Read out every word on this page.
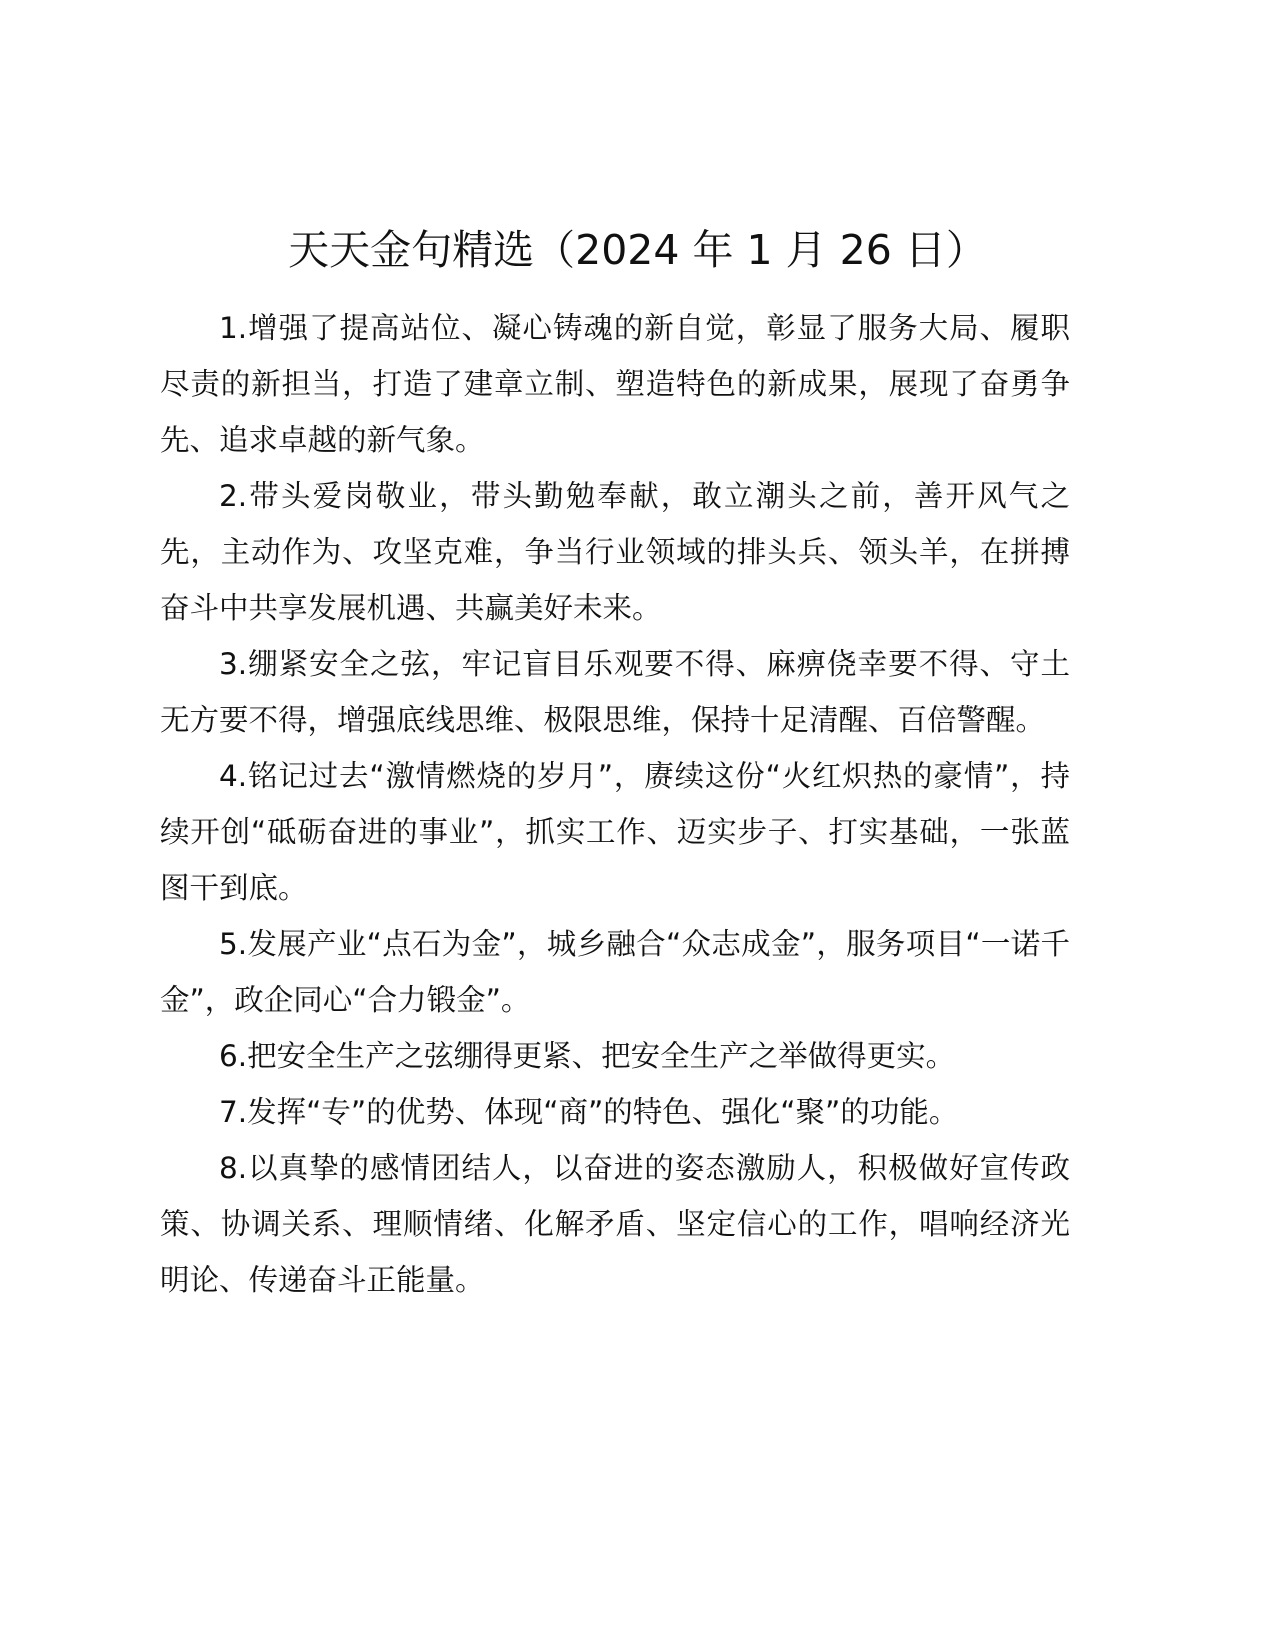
天天金句精选（2024 年 1 月 26 日）

1.增强了提高站位、凝心铸魂的新自觉，彰显了服务大局、履职尽责的新担当，打造了建章立制、塑造特色的新成果，展现了奋勇争先、追求卓越的新气象。

2.带头爱岗敬业，带头勤勉奉献，敢立潮头之前，善开风气之先，主动作为、攻坚克难，争当行业领域的排头兵、领头羊，在拼搏奋斗中共享发展机遇、共赢美好未来。

3.绷紧安全之弦，牢记盲目乐观要不得、麻痹侥幸要不得、守土无方要不得，增强底线思维、极限思维，保持十足清醒、百倍警醒。

4.铭记过去“激情燃烧的岁月”，赓续这份“火红炽热的豪情”，持续开创“砥砺奋进的事业”，抓实工作、迈实步子、打实基础，一张蓝图干到底。

5.发展产业“点石为金”，城乡融合“众志成金”，服务项目“一诺千金”，政企同心“合力锻金”。

6.把安全生产之弦绷得更紧、把安全生产之举做得更实。

7.发挥“专”的优势、体现“商”的特色、强化“聚”的功能。

8.以真挚的感情团结人，以奋进的姿态激励人，积极做好宣传政策、协调关系、理顺情绪、化解矛盾、坚定信心的工作，唱响经济光明论、传递奋斗正能量。
